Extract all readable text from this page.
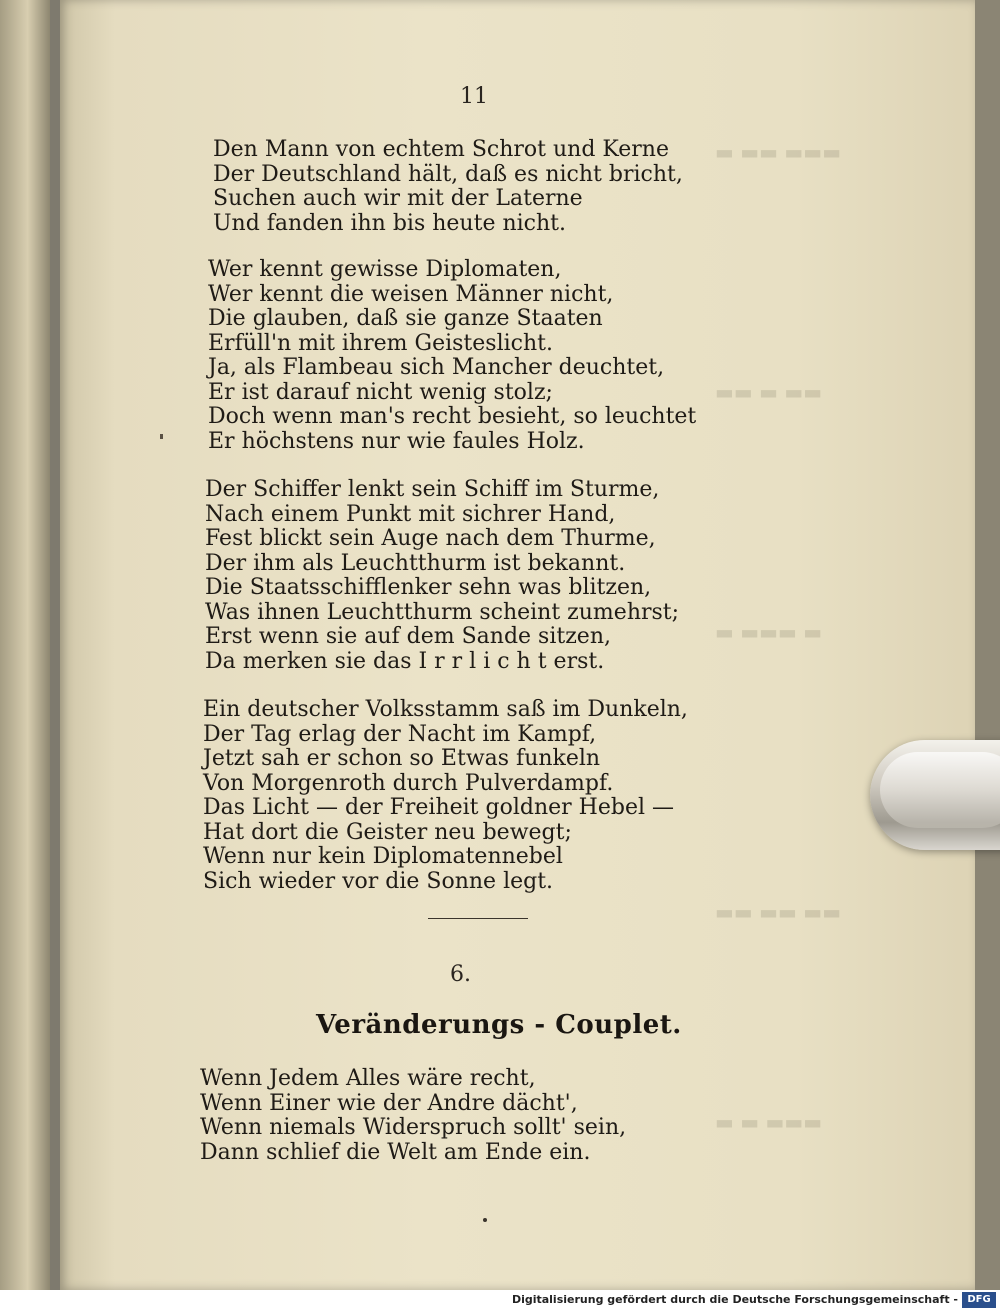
▬ ▬▬ ▬▬▬
▬▬ ▬ ▬▬
▬ ▬▬▬ ▬
▬▬ ▬▬ ▬▬
▬ ▬ ▬▬▬
11
Den Mann von echtem Schrot und Kerne
Der Deutschland hält, daß es nicht bricht,
Suchen auch wir mit der Laterne
Und fanden ihn bis heute nicht.
Wer kennt gewisse Diplomaten,
Wer kennt die weisen Männer nicht,
Die glauben, daß sie ganze Staaten
Erfüll'n mit ihrem Geisteslicht.
Ja, als Flambeau sich Mancher deuchtet,
Er ist darauf nicht wenig stolz;
Doch wenn man's recht besieht, so leuchtet
Er höchstens nur wie faules Holz.
Der Schiffer lenkt sein Schiff im Sturme,
Nach einem Punkt mit sichrer Hand,
Fest blickt sein Auge nach dem Thurme,
Der ihm als Leuchtthurm ist bekannt.
Die Staatsschifflenker sehn was blitzen,
Was ihnen Leuchtthurm scheint zumehrst;
Erst wenn sie auf dem Sande sitzen,
Da merken sie das I r r l i c h t erst.
Ein deutscher Volksstamm saß im Dunkeln,
Der Tag erlag der Nacht im Kampf,
Jetzt sah er schon so Etwas funkeln
Von Morgenroth durch Pulverdampf.
Das Licht — der Freiheit goldner Hebel —
Hat dort die Geister neu bewegt;
Wenn nur kein Diplomatennebel
Sich wieder vor die Sonne legt.
6.
Veränderungs - Couplet.
Wenn Jedem Alles wäre recht,
Wenn Einer wie der Andre dächt',
Wenn niemals Widerspruch sollt' sein,
Dann schlief die Welt am Ende ein.
Digitalisierung gefördert durch die Deutsche Forschungsgemeinschaft - DFG
